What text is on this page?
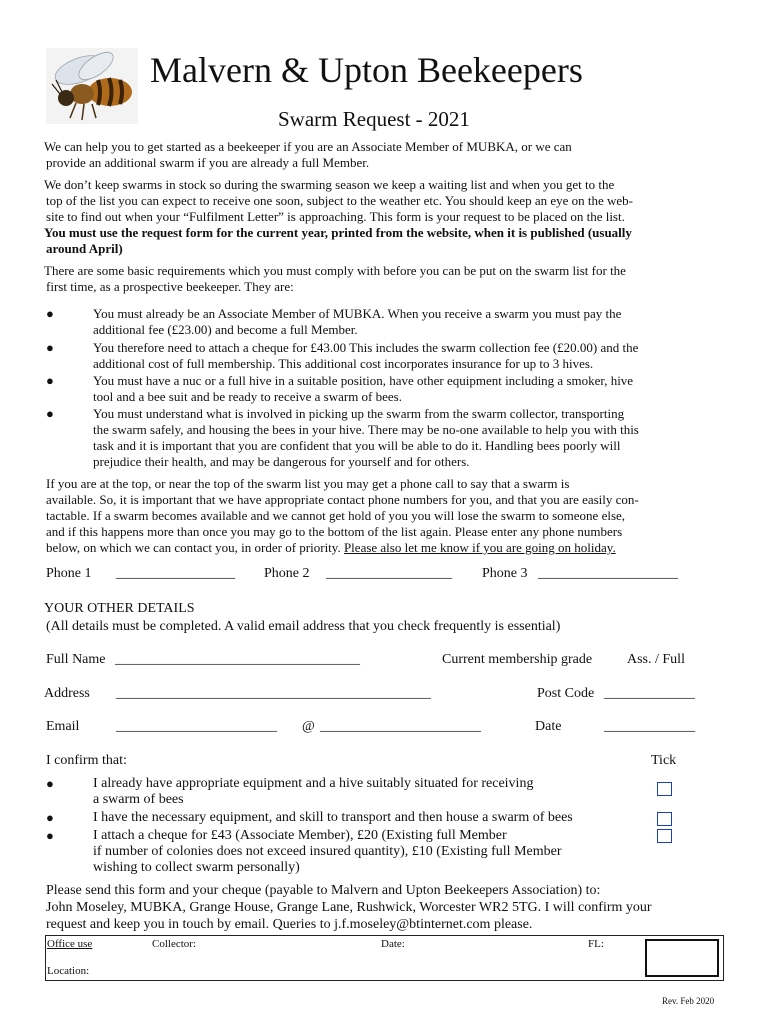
Malvern & Upton Beekeepers
Swarm Request - 2021
We can help you to get started as a beekeeper if you are an Associate Member of MUBKA, or we can
provide an additional swarm if you are already a full Member.
We don’t keep swarms in stock so during the swarming season we keep a waiting list and when you get to the
top of the list you can expect to receive one soon, subject to the weather etc. You should keep an eye on the web-
site to find out when your “Fulfilment Letter” is approaching. This form is your request to be placed on the list.
You must use the request form for the current year, printed from the website, when it is published (usually
around April)
There are some basic requirements which you must comply with before you can be put on the swarm list for the
first time, as a prospective beekeeper. They are:
●	You must already be an Associate Member of MUBKA. When you receive a swarm you must pay the
additional fee (£23.00) and become a full Member.
●	You therefore need to attach a cheque for £43.00 This includes the swarm collection fee (£20.00) and the
additional cost of full membership. This additional cost incorporates insurance for up to 3 hives.
●	You must have a nuc or a full hive in a suitable position, have other equipment including a smoker, hive
tool and a bee suit and be ready to receive a swarm of bees.
●	You must understand what is involved in picking up the swarm from the swarm collector, transporting
the swarm safely, and housing the bees in your hive. There may be no-one available to help you with this
task and it is important that you are confident that you will be able to do it. Handling bees poorly will
prejudice their health, and may be dangerous for yourself and for others.
If you are at the top, or near the top of the swarm list you may get a phone call to say that a swarm is
available. So, it is important that we have appropriate contact phone numbers for you, and that you are easily con-
tactable. If a swarm becomes available and we cannot get hold of you you will lose the swarm to someone else,
and if this happens more than once you may go to the bottom of the list again. Please enter any phone numbers
below, on which we can contact you, in order of priority. Please also let me know if you are going on holiday.
Phone 1 _________________ Phone 2 __________________ Phone 3 ____________________
YOUR OTHER DETAILS
(All details must be completed. A valid email address that you check frequently is essential)
Full Name ___________________________________	Current membership grade Ass. / Full
Address _____________________________________________	Post Code _____________
Email	_______________________ @ _______________________	Date	_____________
I confirm that:	Tick
●	I already have appropriate equipment and a hive suitably situated for receiving
a swarm of bees
●	I have the necessary equipment, and skill to transport and then house a swarm of bees
●	I attach a cheque for £43 (Associate Member), £20 (Existing full Member
if number of colonies does not exceed insured quantity), £10 (Existing full Member
wishing to collect swarm personally)
Please send this form and your cheque (payable to Malvern and Upton Beekeepers Association) to:
John Moseley, MUBKA, Grange House, Grange Lane, Rushwick, Worcester WR2 5TG. I will confirm your
request and keep you in touch by email. Queries to j.f.moseley@btinternet.com please.
Office use	Collector:	Date:	FL:
Location:
Rev. Feb 2020
